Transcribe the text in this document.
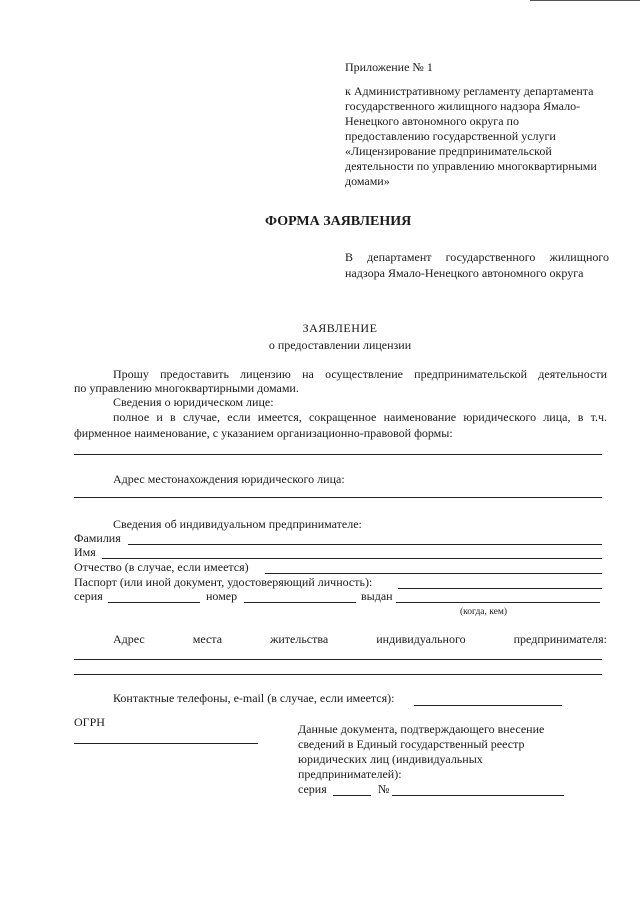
Приложение № 1
к Административному регламенту департамента
государственного жилищного надзора Ямало-
Ненецкого автономного округа по
предоставлению государственной услуги
«Лицензирование предпринимательской
деятельности по управлению многоквартирными
домами»
ФОРМА ЗАЯВЛЕНИЯ
В департамент государственного жилищного
надзора Ямало-Ненецкого автономного округа
ЗАЯВЛЕНИЕ
о предоставлении лицензии
Прошу предоставить лицензию на осуществление предпринимательской деятельности
по управлению многоквартирными домами.
Сведения о юридическом лице:
полное и в случае, если имеется, сокращенное наименование юридического лица, в т.ч.
фирменное наименование, с указанием организационно-правовой формы:
Адрес местонахождения юридического лица:
Сведения об индивидуальном предпринимателе:
Фамилия
Имя
Отчество (в случае, если имеется)
Паспорт (или иной документ, удостоверяющий личность):
серия	номер	выдан
(когда, кем)
Адрес	места	жительства	индивидуального	предпринимателя:
Контактные телефоны, e-mail (в случае, если имеется):
ОГРН	Данные документа, подтверждающего внесение
сведений в Единый государственный реестр
юридических лиц (индивидуальных
предпринимателей):
серия	№
